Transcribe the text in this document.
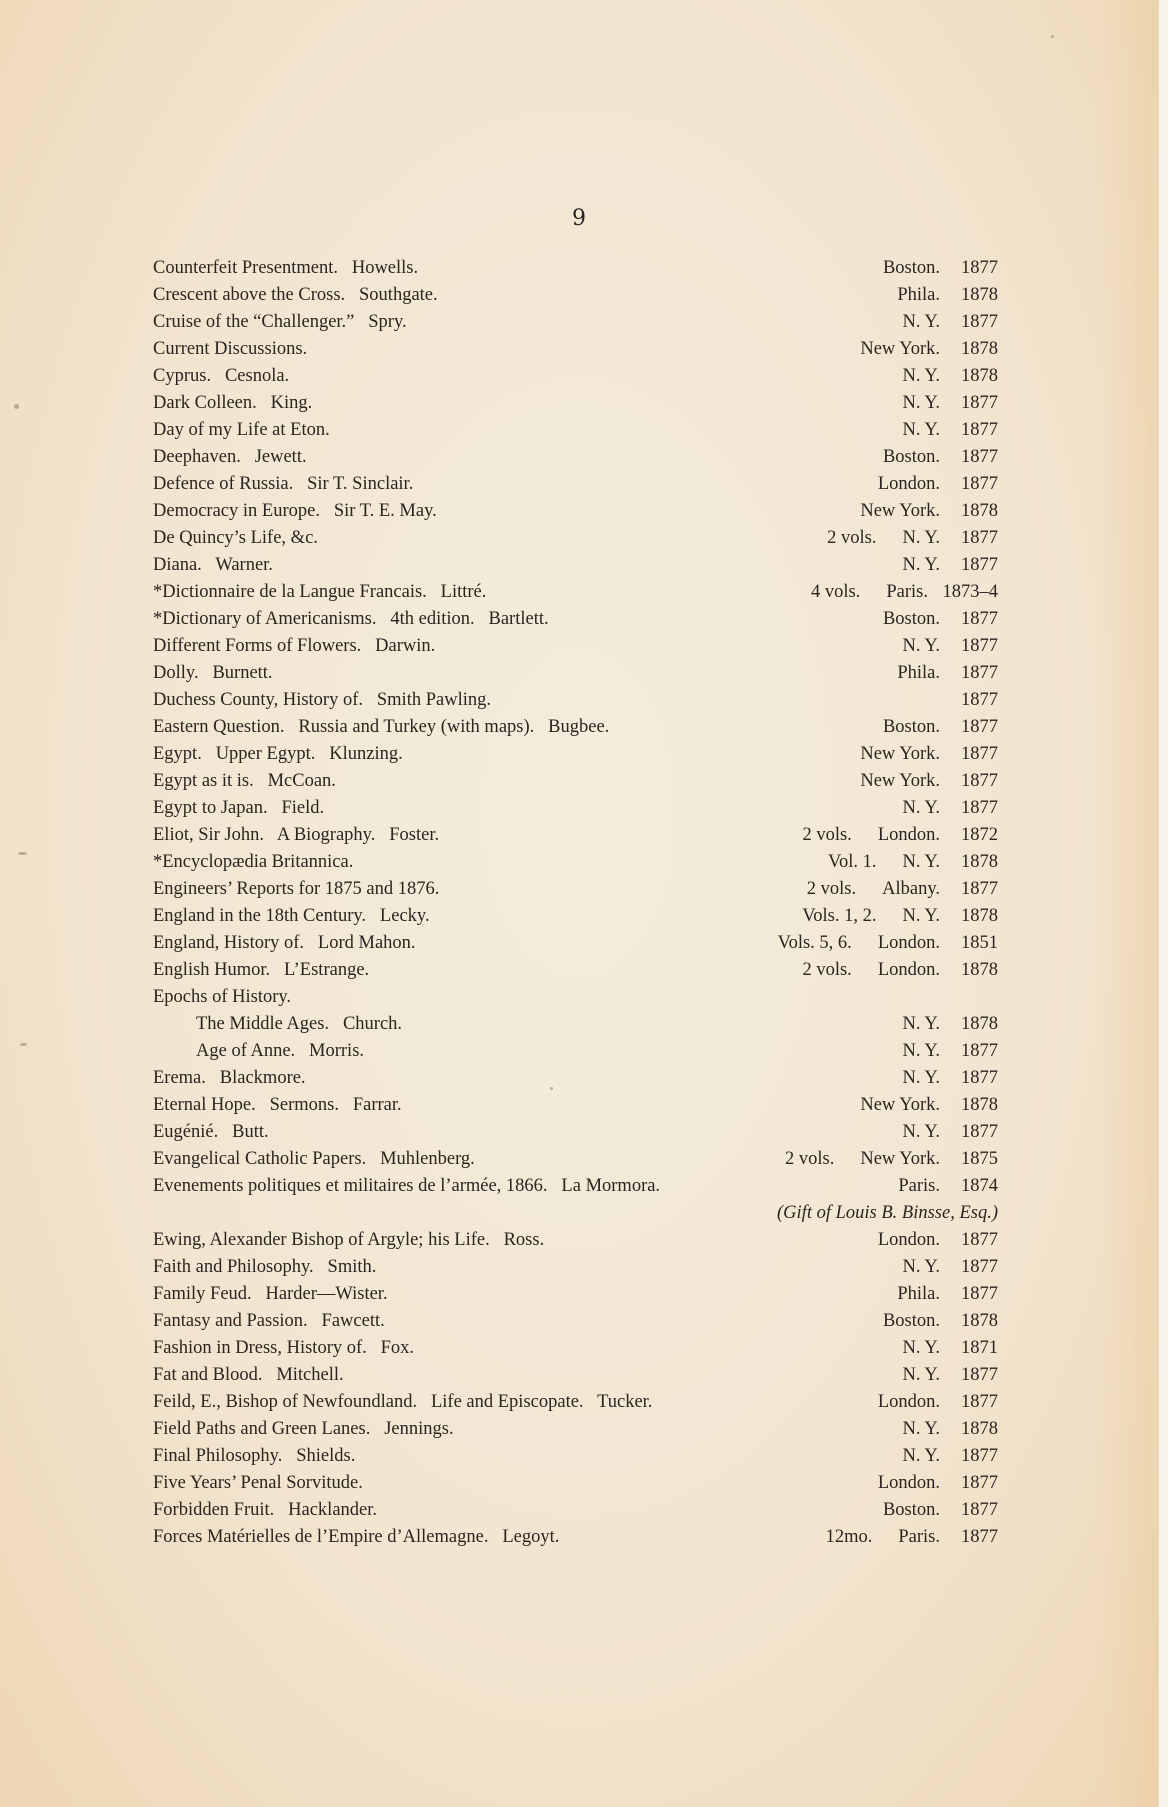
9
Counterfeit Presentment.   Howells.	Boston.	1877
Crescent above the Cross.   Southgate.	Phila.	1878
Cruise of the “Challenger.”   Spry.	N. Y.	1877
Current Discussions.	New York.	1878
Cyprus.   Cesnola.	N. Y.	1878
Dark Colleen.   King.	N. Y.	1877
Day of my Life at Eton.	N. Y.	1877
Deephaven.   Jewett.	Boston.	1877
Defence of Russia.   Sir T. Sinclair.	London.	1877
Democracy in Europe.   Sir T. E. May.	New York.	1878
De Quincy’s Life, &c.	2 vols. N. Y.	1877
Diana.   Warner.	N. Y.	1877
*Dictionnaire de la Langue Francais.   Littré.	4 vols. Paris. 1873–4
*Dictionary of Americanisms.   4th edition.   Bartlett.	Boston.	1877
Different Forms of Flowers.   Darwin.	N. Y.	1877
Dolly.   Burnett.	Phila.	1877
Duchess County, History of.   Smith Pawling.	1877
Eastern Question.   Russia and Turkey (with maps).   Bugbee.	Boston.	1877
Egypt.   Upper Egypt.   Klunzing.	New York.	1877
Egypt as it is.   McCoan.	New York.	1877
Egypt to Japan.   Field.	N. Y.	1877
Eliot, Sir John.   A Biography.   Foster.	2 vols. London.	1872
*Encyclopædia Britannica.	Vol. 1. N. Y.	1878
Engineers’ Reports for 1875 and 1876.	2 vols. Albany.	1877
England in the 18th Century.   Lecky.	Vols. 1, 2. N. Y.	1878
England, History of.   Lord Mahon.	Vols. 5, 6. London.	1851
English Humor.   L’Estrange.	2 vols. London.	1878
Epochs of History.
The Middle Ages.   Church.	N. Y.	1878
Age of Anne.   Morris.	N. Y.	1877
Erema.   Blackmore.	N. Y.	1877
Eternal Hope.   Sermons.   Farrar.	New York.	1878
Eugénié.   Butt.	N. Y.	1877
Evangelical Catholic Papers.   Muhlenberg.	2 vols. New York.	1875
Evenements politiques et militaires de l’armée, 1866.   La Mormora.	Paris.	1874
(Gift of Louis B. Binsse, Esq.)
Ewing, Alexander Bishop of Argyle; his Life.   Ross.	London.	1877
Faith and Philosophy.   Smith.	N. Y.	1877
Family Feud.   Harder—Wister.	Phila.	1877
Fantasy and Passion.   Fawcett.	Boston.	1878
Fashion in Dress, History of.   Fox.	N. Y.	1871
Fat and Blood.   Mitchell.	N. Y.	1877
Feild, E., Bishop of Newfoundland.   Life and Episcopate.   Tucker.	London.	1877
Field Paths and Green Lanes.   Jennings.	N. Y.	1878
Final Philosophy.   Shields.	N. Y.	1877
Five Years’ Penal Sorvitude.	London.	1877
Forbidden Fruit.   Hacklander.	Boston.	1877
Forces Matérielles de l’Empire d’Allemagne.   Legoyt.	12mo. Paris.	1877
